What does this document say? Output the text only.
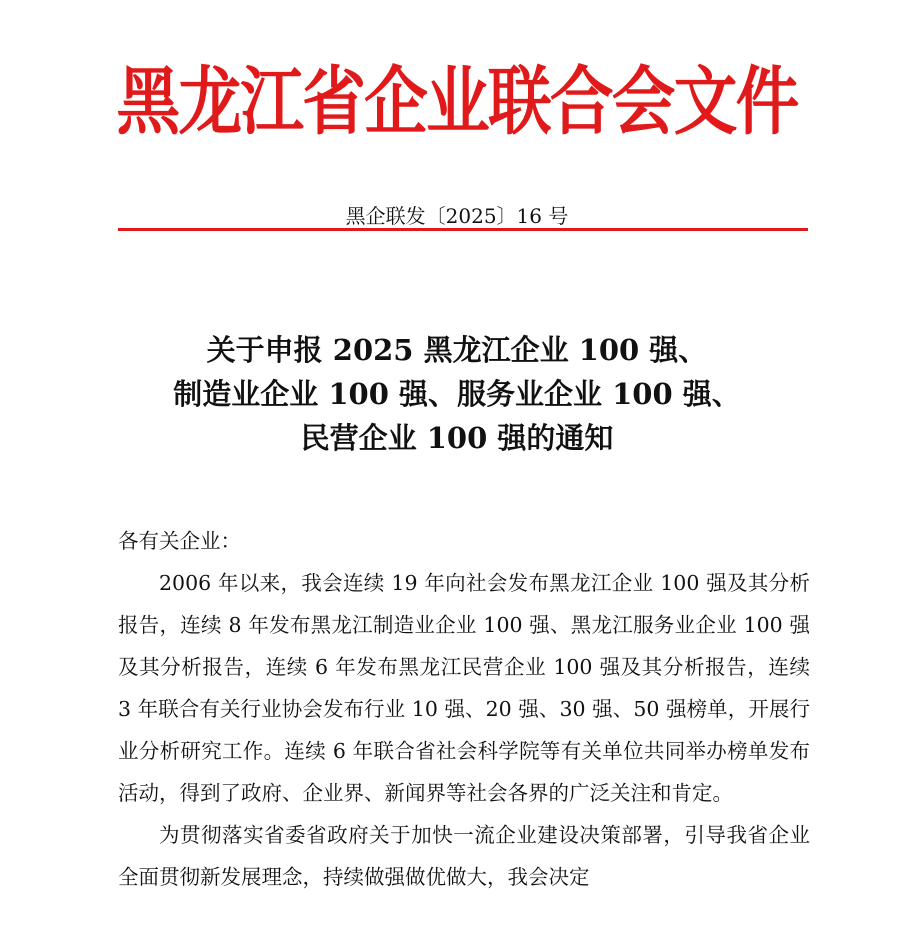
黑龙江省企业联合会文件
黑企联发〔2025〕16 号
关于申报 2025 黑龙江企业 100 强、
制造业企业 100 强、服务业企业 100 强、
民营企业 100 强的通知

各有关企业：

2006 年以来，我会连续 19 年向社会发布黑龙江企业 100 强及其分析报告，连续 8 年发布黑龙江制造业企业 100 强、黑龙江服务业企业 100 强及其分析报告，连续 6 年发布黑龙江民营企业 100 强及其分析报告，连续 3 年联合有关行业协会发布行业 10 强、20 强、30 强、50 强榜单，开展行业分析研究工作。连续 6 年联合省社会科学院等有关单位共同举办榜单发布活动，得到了政府、企业界、新闻界等社会各界的广泛关注和肯定。

为贯彻落实省委省政府关于加快一流企业建设决策部署，引导我省企业全面贯彻新发展理念，持续做强做优做大，我会决定
